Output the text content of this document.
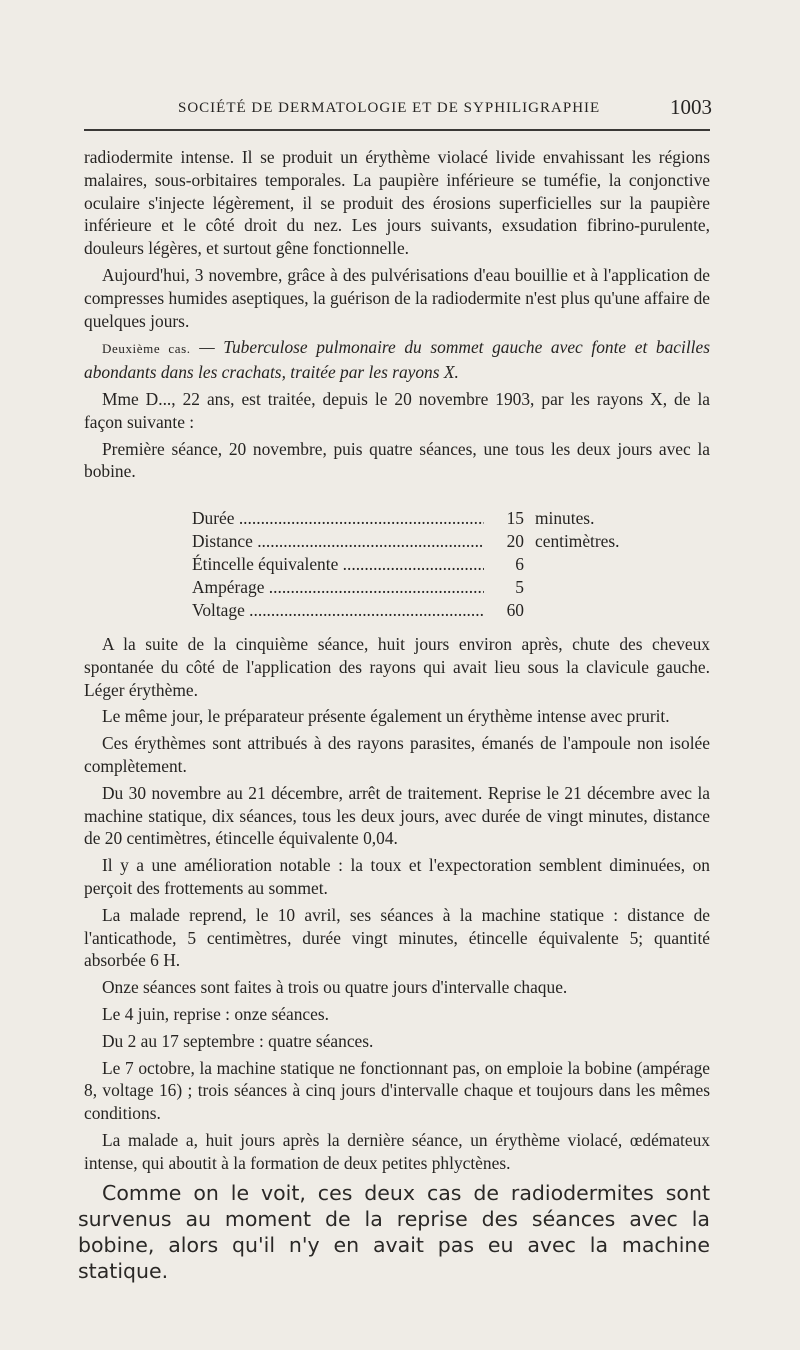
SOCIÉTÉ DE DERMATOLOGIE ET DE SYPHILIGRAPHIE	1003

radiodermite intense. Il se produit un érythème violacé livide envahissant les régions malaires, sous-orbitaires temporales. La paupière inférieure se tuméfie, la conjonctive oculaire s'injecte légèrement, il se produit des érosions superficielles sur la paupière inférieure et le côté droit du nez. Les jours suivants, exsudation fibrino-purulente, douleurs légères, et surtout gêne fonctionnelle.

Aujourd'hui, 3 novembre, grâce à des pulvérisations d'eau bouillie et à l'application de compresses humides aseptiques, la guérison de la radiodermite n'est plus qu'une affaire de quelques jours.

Deuxième cas. — Tuberculose pulmonaire du sommet gauche avec fonte et bacilles abondants dans les crachats, traitée par les rayons X.

Mme D..., 22 ans, est traitée, depuis le 20 novembre 1903, par les rayons X, de la façon suivante :

Première séance, 20 novembre, puis quatre séances, une tous les deux jours avec la bobine.

Durée .....	15 minutes.
Distance .....	20 centimètres.
Étincelle équivalente .....	6
Ampérage .....	5
Voltage .....	60

A la suite de la cinquième séance, huit jours environ après, chute des cheveux spontanée du côté de l'application des rayons qui avait lieu sous la clavicule gauche. Léger érythème.

Le même jour, le préparateur présente également un érythème intense avec prurit.

Ces érythèmes sont attribués à des rayons parasites, émanés de l'ampoule non isolée complètement.

Du 30 novembre au 21 décembre, arrêt de traitement. Reprise le 21 décembre avec la machine statique, dix séances, tous les deux jours, avec durée de vingt minutes, distance de 20 centimètres, étincelle équivalente 0,04.

Il y a une amélioration notable : la toux et l'expectoration semblent diminuées, on perçoit des frottements au sommet.

La malade reprend, le 10 avril, ses séances à la machine statique : distance de l'anticathode, 5 centimètres, durée vingt minutes, étincelle équivalente 5; quantité absorbée 6 H.

Onze séances sont faites à trois ou quatre jours d'intervalle chaque.

Le 4 juin, reprise : onze séances.

Du 2 au 17 septembre : quatre séances.

Le 7 octobre, la machine statique ne fonctionnant pas, on emploie la bobine (ampérage 8, voltage 16) ; trois séances à cinq jours d'intervalle chaque et toujours dans les mêmes conditions.

La malade a, huit jours après la dernière séance, un érythème violacé, œdémateux intense, qui aboutit à la formation de deux petites phlyctènes.

Comme on le voit, ces deux cas de radiodermites sont survenus au moment de la reprise des séances avec la bobine, alors qu'il n'y en avait pas eu avec la machine statique.
